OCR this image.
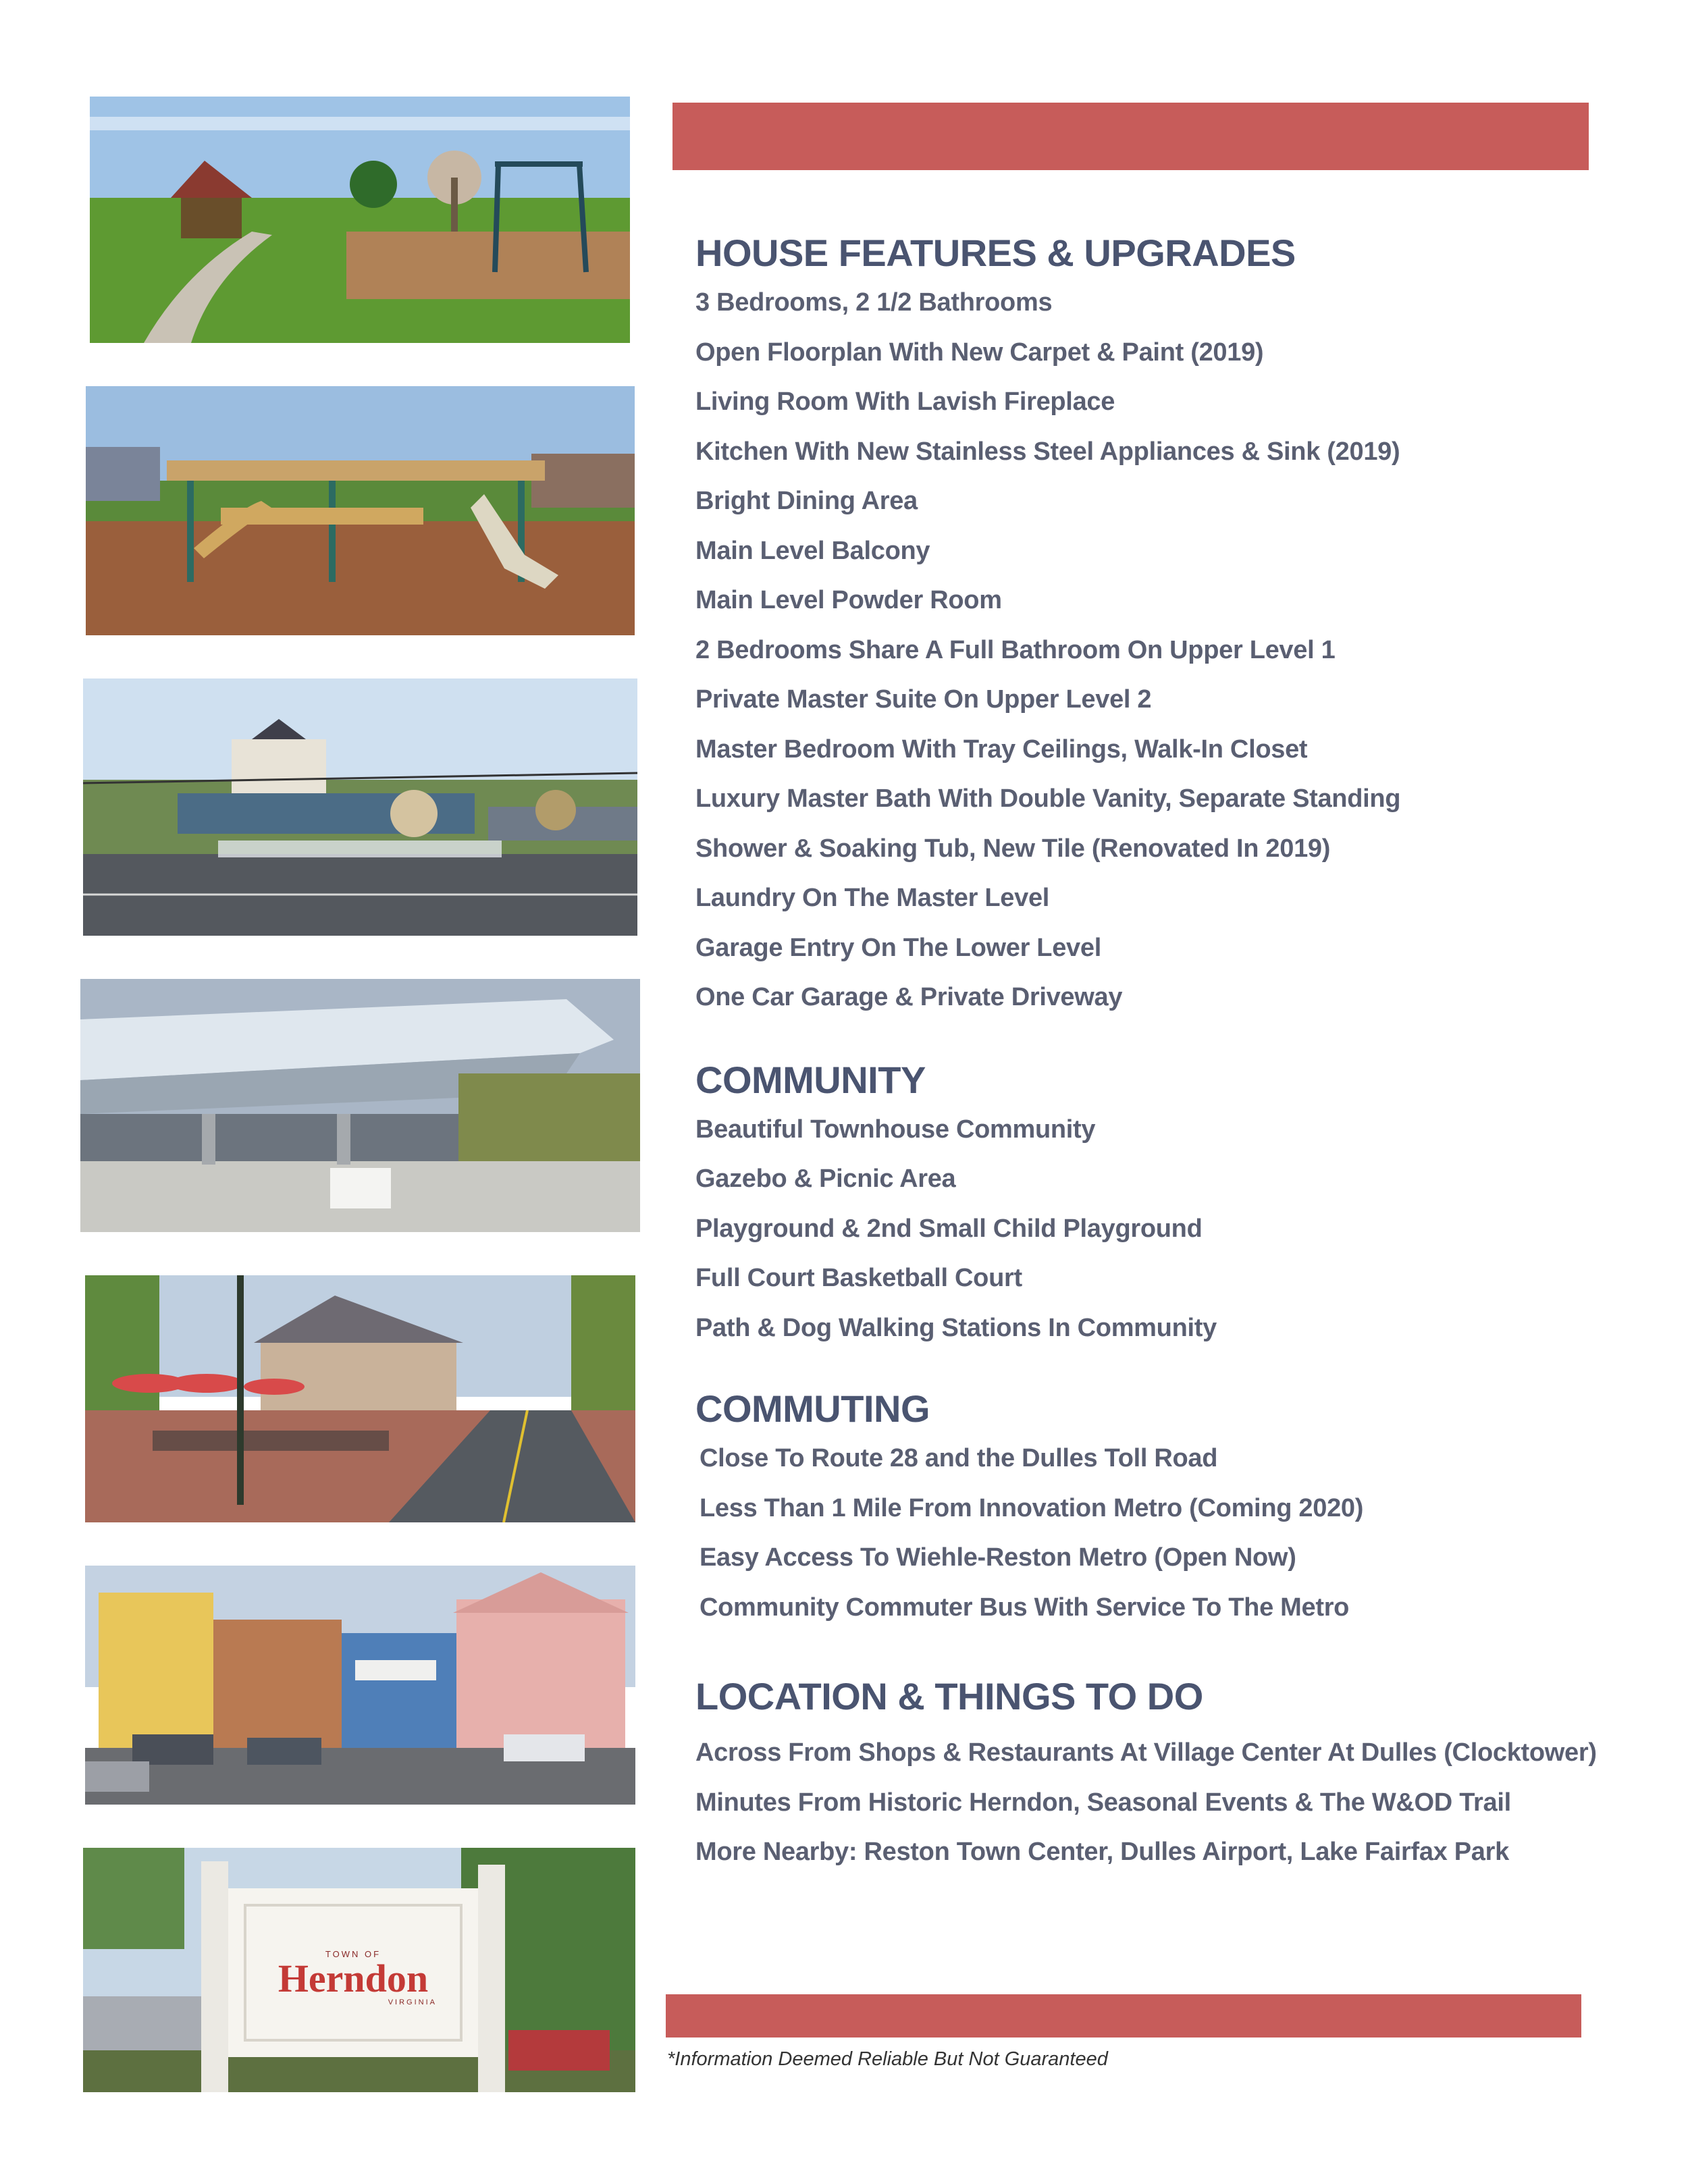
TOWN OF
Herndon
VIRGINIA
HOUSE FEATURES & UPGRADES
3 Bedrooms, 2 1/2 Bathrooms
Open Floorplan With New Carpet & Paint (2019)
Living Room With Lavish Fireplace
Kitchen With New Stainless Steel Appliances & Sink (2019)
Bright Dining Area
Main Level Balcony
Main Level Powder Room
2 Bedrooms Share A Full Bathroom On Upper Level 1
Private Master Suite On Upper Level 2
Master Bedroom With Tray Ceilings, Walk-In Closet
Luxury Master Bath With Double Vanity, Separate Standing
Shower & Soaking Tub, New Tile (Renovated In 2019)
Laundry On The Master Level
Garage Entry On The Lower Level
One Car Garage & Private Driveway
COMMUNITY
Beautiful Townhouse Community
Gazebo & Picnic Area
Playground & 2nd Small Child Playground
Full Court Basketball Court
Path & Dog Walking Stations In Community
COMMUTING
Close To Route 28 and the Dulles Toll Road
Less Than 1 Mile From Innovation Metro (Coming 2020)
Easy Access To Wiehle-Reston Metro (Open Now)
Community Commuter Bus With Service To The Metro
LOCATION & THINGS TO DO
Across From Shops & Restaurants At Village Center At Dulles (Clocktower)
Minutes From Historic Herndon, Seasonal Events & The W&OD Trail
More Nearby: Reston Town Center, Dulles Airport, Lake Fairfax Park
*Information Deemed Reliable But Not Guaranteed
